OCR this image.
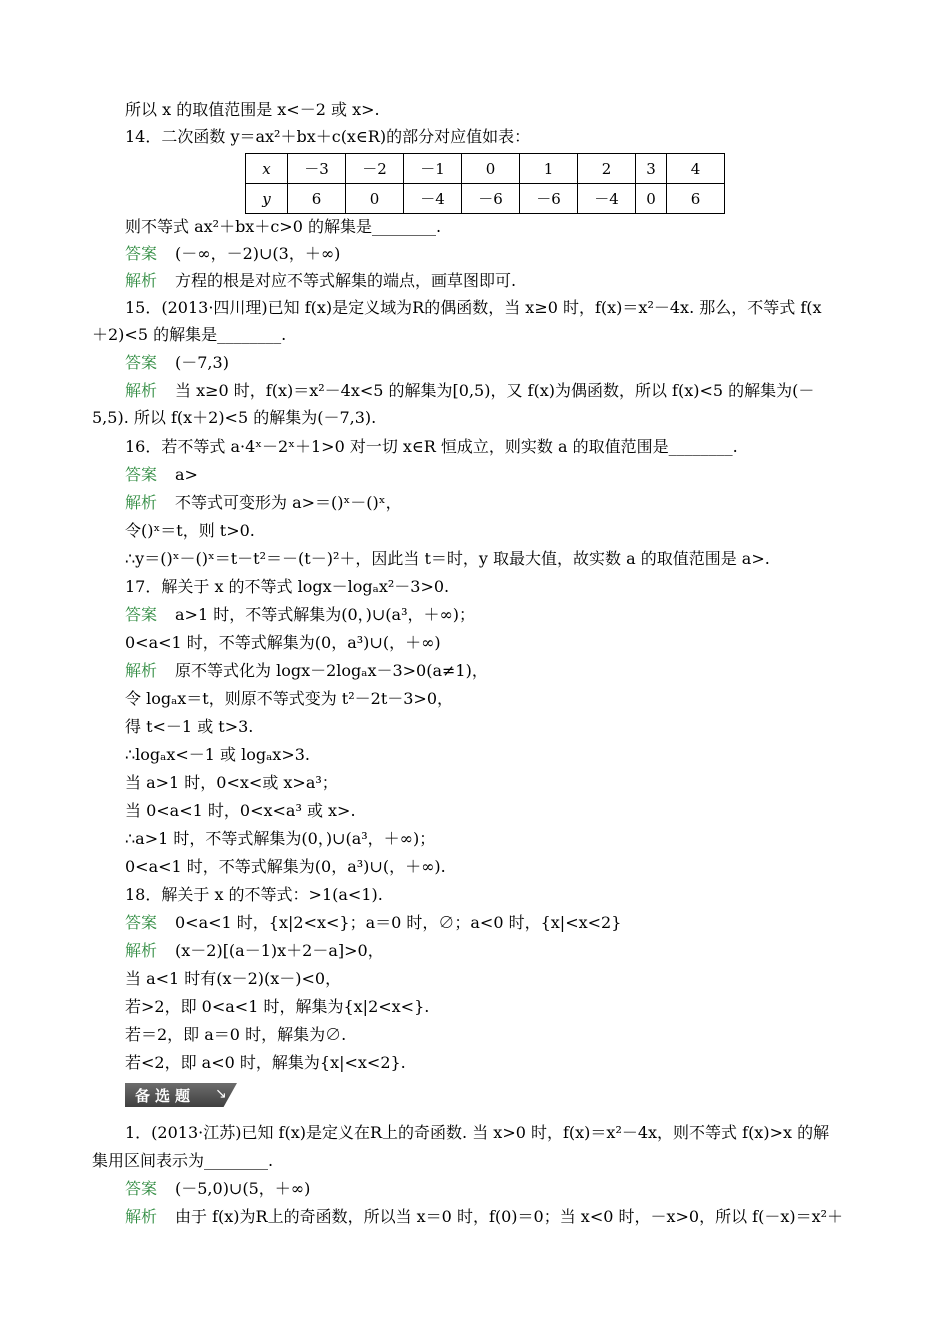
所以 x 的取值范围是 x<－2 或 x>.
14．二次函数 y＝ax²＋bx＋c(x∈R)的部分对应值如表：
则不等式 ax²＋bx＋c>0 的解集是________.
答案 (－∞，－2)∪(3，＋∞)
解析 方程的根是对应不等式解集的端点，画草图即可.
15．(2013·四川理)已知 f(x)是定义域为R的偶函数，当 x≥0 时，f(x)＝x²－4x. 那么，不等式 f(x
＋2)<5 的解集是________.
答案 (－7,3)
解析 当 x≥0 时，f(x)＝x²－4x<5 的解集为[0,5)，又 f(x)为偶函数，所以 f(x)<5 的解集为(－
5,5). 所以 f(x＋2)<5 的解集为(－7,3).
16．若不等式 a·4ˣ－2ˣ＋1>0 对一切 x∈R 恒成立，则实数 a 的取值范围是________.
答案 a>
解析 不等式可变形为 a>＝()ˣ－()ˣ，
令()ˣ＝t，则 t>0.
∴y＝()ˣ－()ˣ＝t－t²＝－(t－)²＋，因此当 t＝时，y 取最大值，故实数 a 的取值范围是 a>.
17．解关于 x 的不等式 logx－logₐx²－3>0.
答案 a>1 时，不等式解集为(0，)∪(a³，＋∞)；
0<a<1 时，不等式解集为(0，a³)∪(，＋∞)
解析 原不等式化为 logx－2logₐx－3>0(a≠1)，
令 logₐx＝t，则原不等式变为 t²－2t－3>0，
得 t<－1 或 t>3.
∴logₐx<－1 或 logₐx>3.
当 a>1 时，0<x<或 x>a³；
当 0<a<1 时，0<x<a³ 或 x>.
∴a>1 时，不等式解集为(0，)∪(a³，＋∞)；
0<a<1 时，不等式解集为(0，a³)∪(，＋∞).
18．解关于 x 的不等式：>1(a<1).
答案 0<a<1 时，{x|2<x<}；a＝0 时，∅；a<0 时，{x|<x<2}
解析 (x－2)[(a－1)x＋2－a]>0，
当 a<1 时有(x－2)(x－)<0，
若>2，即 0<a<1 时，解集为{x|2<x<}.
若＝2，即 a＝0 时，解集为∅.
若<2，即 a<0 时，解集为{x|<x<2}.
1．(2013·江苏)已知 f(x)是定义在R上的奇函数. 当 x>0 时，f(x)＝x²－4x，则不等式 f(x)>x 的解
集用区间表示为________.
答案 (－5,0)∪(5，＋∞)
解析 由于 f(x)为R上的奇函数，所以当 x＝0 时，f(0)＝0；当 x<0 时，－x>0，所以 f(－x)＝x²＋
x	－3	－2	－1	0	1	2	3	4
y	6	0	－4	－6	－6	－4	0	6
备选题 ↘
